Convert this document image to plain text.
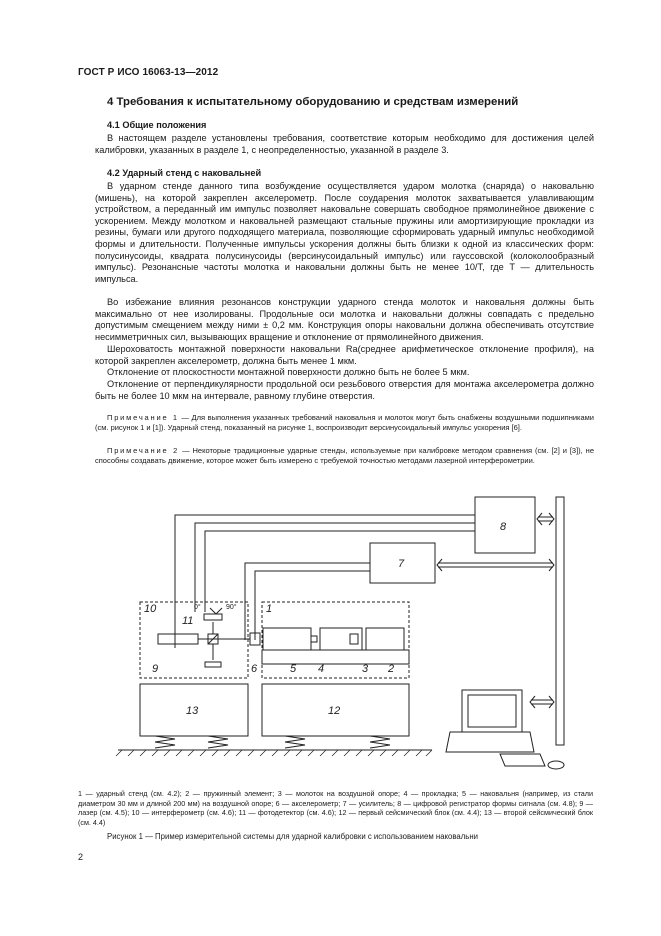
ГОСТ Р ИСО 16063-13—2012
4 Требования к испытательному оборудованию и средствам измерений
4.1 Общие положения

В настоящем разделе установлены требования, соответствие которым необходимо для достижения целей калибровки, указанных в разделе 1, с неопределенностью, указанной в разделе 3.

4.2 Ударный стенд с наковальней

В ударном стенде данного типа возбуждение осуществляется ударом молотка (снаряда) о наковальню (мишень), на которой закреплен акселерометр. После соударения молоток захватывается улавливающим устройством, а переданный им импульс позволяет наковальне совершать свободное прямолинейное движение с ускорением. Между молотком и наковальней размещают стальные пружины или амортизирующие прокладки из резины, бумаги или другого подходящего материала, позволяющие сформировать ударный импульс необходимой формы и длительности. Полученные импульсы ускорения должны быть близки к одной из классических форм: полусинусоиды, квадрата полусинусоиды (версинусоидальный импульс) или гауссовской (колоколообразный импульс). Резонансные частоты молотка и наковальни должны быть не менее 10/T, где T — длительность импульса.

Во избежание влияния резонансов конструкции ударного стенда молоток и наковальня должны быть максимально от нее изолированы. Продольные оси молотка и наковальни должны совпадать с предельно допустимым смещением между ними ± 0,2 мм. Конструкция опоры наковальни должна обеспечивать отсутствие несимметричных сил, вызывающих вращение и отклонение от прямолинейного движения.

Шероховатость монтажной поверхности наковальни Ra(среднее арифметическое отклонение профиля), на которой закреплен акселерометр, должна быть менее 1 мкм.

Отклонение от плоскостности монтажной поверхности должно быть не более 5 мкм.

Отклонение от перпендикулярности продольной оси резьбового отверстия для монтажа акселерометра должно быть не более 10 мкм на интервале, равному глубине отверстия.

Примечание 1 — Для выполнения указанных требований наковальня и молоток могут быть снабжены воздушными подшипниками (см. рисунок 1 и [1]). Ударный стенд, показанный на рисунке 1, воспроизводит версинусоидальный импульс ускорения [6].

Примечание 2 — Некоторые традиционные ударные стенды, используемые при калибровке методом сравнения (см. [2] и [3]), не способны создавать движение, которое может быть измерено с требуемой точностью методами лазерной интерферометрии.

8
7
10	1
11
9	6	5 4	3 2
13	12
0°	90°

1 — ударный стенд (см. 4.2); 2 — пружинный элемент; 3 — молоток на воздушной опоре; 4 — прокладка; 5 — наковальня (например, из стали диаметром 30 мм и длиной 200 мм) на воздушной опоре; 6 — акселерометр; 7 — усилитель; 8 — цифровой регистратор формы сигнала (см. 4.8); 9 — лазер (см. 4.5); 10 — интерферометр (см. 4.6); 11 — фотодетектор (см. 4.6); 12 — первый сейсмический блок (см. 4.4); 13 — второй сейсмический блок (см. 4.4)

Рисунок 1 — Пример измерительной системы для ударной калибровки с использованием наковальни
2
